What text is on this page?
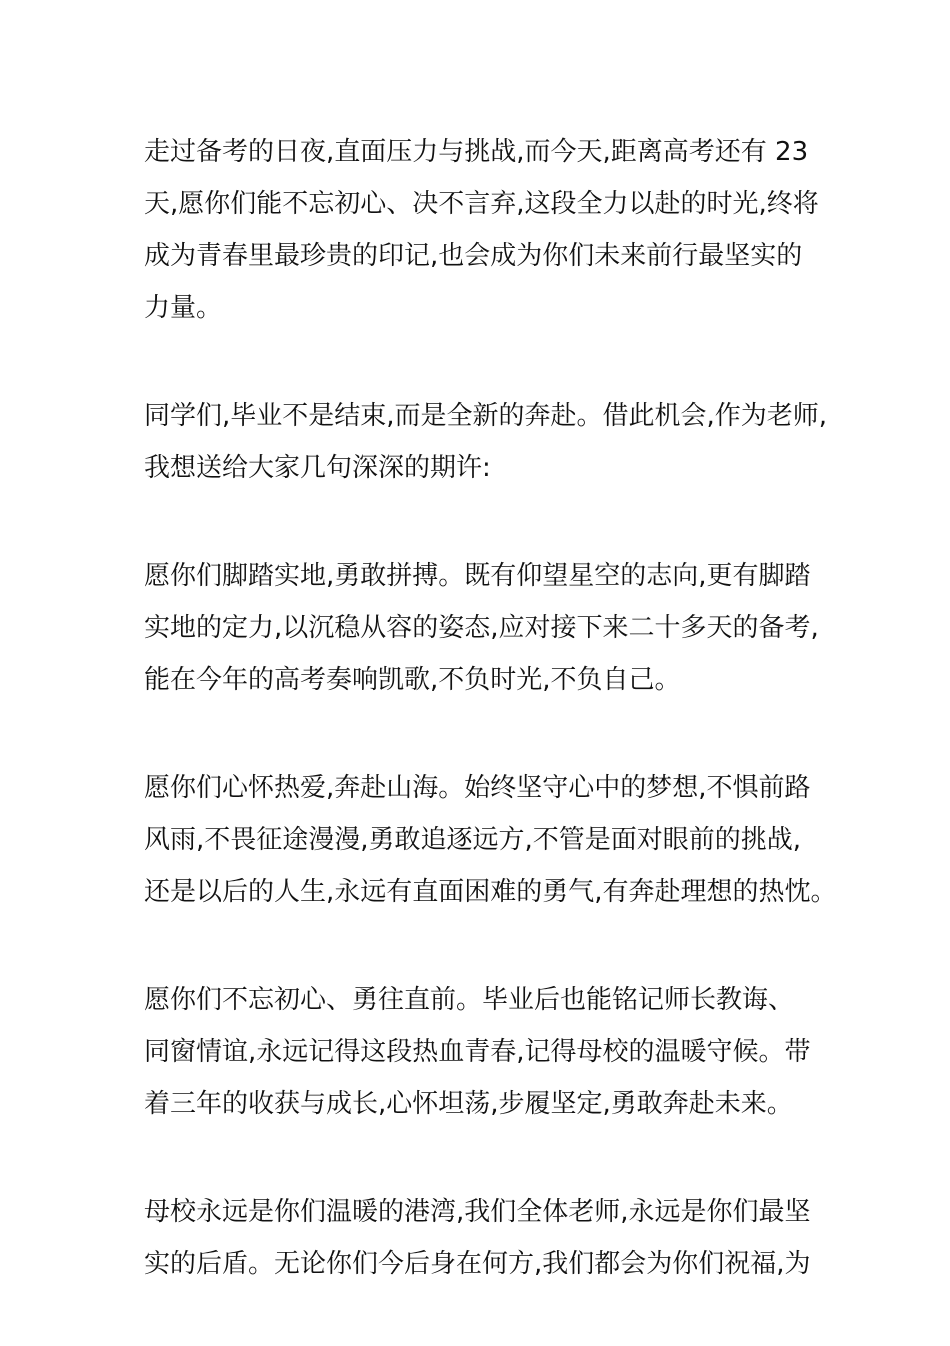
走过备考的日夜,直面压力与挑战,而今天,距离高考还有 23
天,愿你们能不忘初心、决不言弃,这段全力以赴的时光,终将
成为青春里最珍贵的印记,也会成为你们未来前行最坚实的
力量。
同学们,毕业不是结束,而是全新的奔赴。借此机会,作为老师,
我想送给大家几句深深的期许:
愿你们脚踏实地,勇敢拼搏。既有仰望星空的志向,更有脚踏
实地的定力,以沉稳从容的姿态,应对接下来二十多天的备考,
能在今年的高考奏响凯歌,不负时光,不负自己。
愿你们心怀热爱,奔赴山海。始终坚守心中的梦想,不惧前路
风雨,不畏征途漫漫,勇敢追逐远方,不管是面对眼前的挑战,
还是以后的人生,永远有直面困难的勇气,有奔赴理想的热忱。
愿你们不忘初心、勇往直前。毕业后也能铭记师长教诲、
同窗情谊,永远记得这段热血青春,记得母校的温暖守候。带
着三年的收获与成长,心怀坦荡,步履坚定,勇敢奔赴未来。
母校永远是你们温暖的港湾,我们全体老师,永远是你们最坚
实的后盾。无论你们今后身在何方,我们都会为你们祝福,为
